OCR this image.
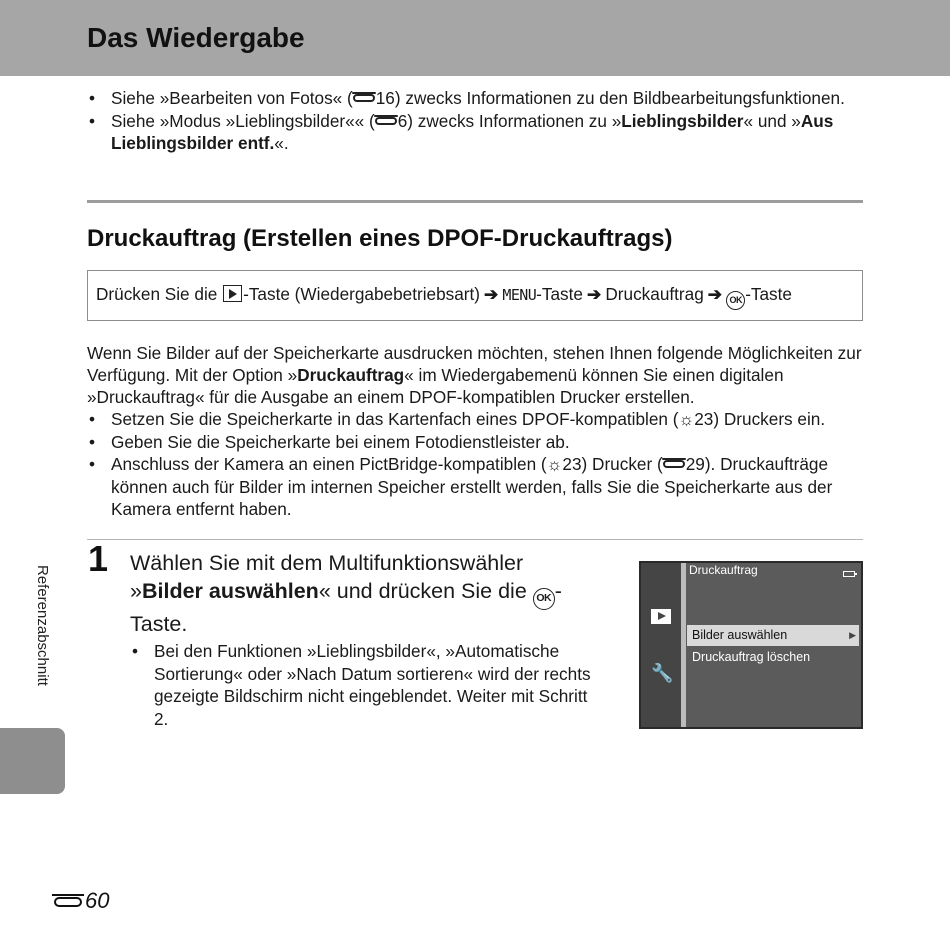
Das Wiedergabe
• Siehe »Bearbeiten von Fotos« ( 16) zwecks Informationen zu den Bildbearbeitungsfunktionen.
• Siehe »Modus »Lieblingsbilder«« ( 6) zwecks Informationen zu »Lieblingsbilder« und »Aus Lieblingsbilder entf.«.
Druckauftrag (Erstellen eines DPOF-Druckauftrags)
Drücken Sie die -Taste (Wiedergabebetriebsart) ➔ MENU-Taste ➔ Druckauftrag ➔ OK -Taste

Wenn Sie Bilder auf der Speicherkarte ausdrucken möchten, stehen Ihnen folgende Möglichkeiten zur Verfügung. Mit der Option »Druckauftrag« im Wiedergabemenü können Sie einen digitalen »Druckauftrag« für die Ausgabe an einem DPOF-kompatiblen Drucker erstellen.

• Setzen Sie die Speicherkarte in das Kartenfach eines DPOF-kompatiblen (☼23) Druckers ein.
• Geben Sie die Speicherkarte bei einem Fotodienstleister ab.
• Anschluss der Kamera an einen PictBridge-kompatiblen (☼23) Drucker ( 29). Druckaufträge können auch für Bilder im internen Speicher erstellt werden, falls Sie die Speicherkarte aus der Kamera entfernt haben.
1 Wählen Sie mit dem Multifunktionswähler »Bilder auswählen« und drücken Sie die OK -Taste.

• Bei den Funktionen »Lieblingsbilder«, »Automatische Sortierung« oder »Nach Datum sortieren« wird der rechts gezeigte Bildschirm nicht eingeblendet. Weiter mit Schritt 2.
🔧
Druckauftrag
Bilder auswählen	▶
Druckauftrag löschen
Referenzabschnitt
60
